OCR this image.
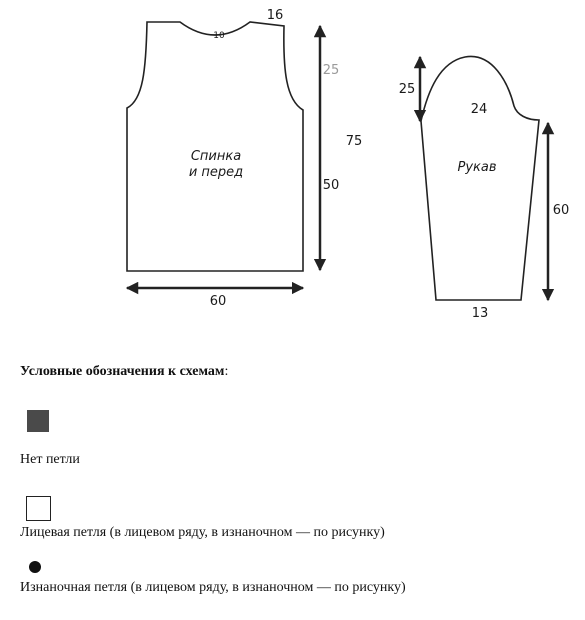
Спинка
и перед
10
16
25
75
50
60
Рукав
24
25
60
13
Условные обозначения к схемам:
Нет петли
Лицевая петля (в лицевом ряду, в изнаночном — по рисунку)
Изнаночная петля (в лицевом ряду, в изнаночном — по рисунку)
